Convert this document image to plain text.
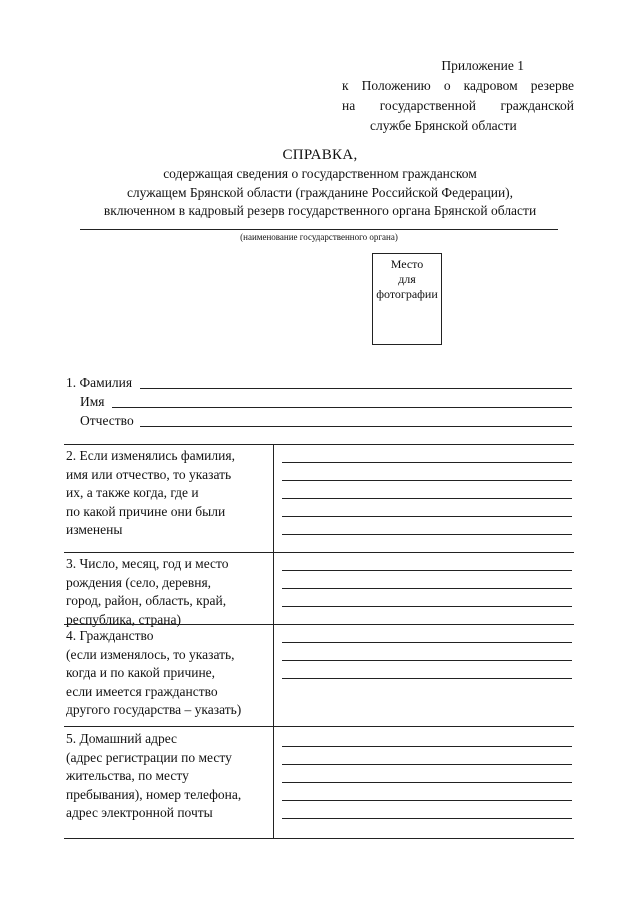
Приложение 1
к Положению о кадровом резерве
на государственной гражданской
службе Брянской области
СПРАВКА,
содержащая сведения о государственном гражданском
служащем Брянской области (гражданине Российской Федерации),
включенном в кадровый резерв государственного органа Брянской области
(наименование государственного органа)
Место
для
фотографии
1. Фамилия
Имя
Отчество
2. Если изменялись фамилия,
имя или отчество, то указать
их, а также когда, где и
по какой причине они были
изменены
3. Число, месяц, год и место
рождения (село, деревня,
город, район, область, край,
республика, страна)
4. Гражданство
(если изменялось, то указать,
когда и по какой причине,
если имеется гражданство
другого государства – указать)
5. Домашний адрес
(адрес регистрации по месту
жительства, по месту
пребывания), номер телефона,
адрес электронной почты
